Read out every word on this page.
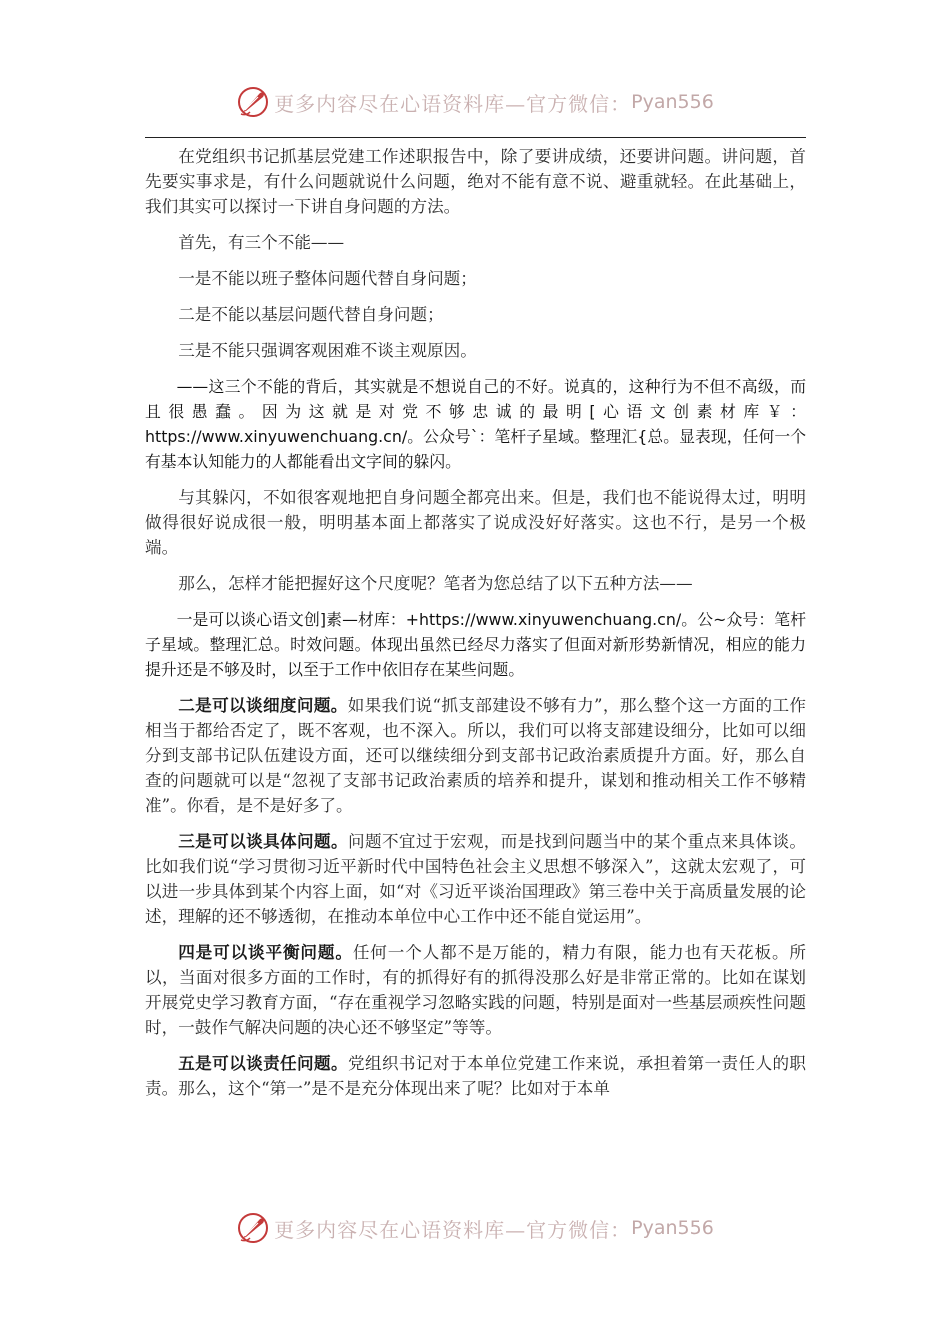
更多内容尽在心语资料库—官方微信： Pyan556

在党组织书记抓基层党建工作述职报告中，除了要讲成绩，还要讲问题。讲问题，首先要实事求是，有什么问题就说什么问题，绝对不能有意不说、避重就轻。在此基础上，我们其实可以探讨一下讲自身问题的方法。

首先，有三个不能——

一是不能以班子整体问题代替自身问题；

二是不能以基层问题代替自身问题；

三是不能只强调客观困难不谈主观原因。

——这三个不能的背后，其实就是不想说自己的不好。说真的，这种行为不但不高级，而且很愚蠢。因为这就是对党不够忠诚的最明[心语文创素材库￥：https://www.xinyuwenchuang.cn/。公众号`：笔杆子星域。整理汇{总。显表现，任何一个有基本认知能力的人都能看出文字间的躲闪。

与其躲闪，不如很客观地把自身问题全都亮出来。但是，我们也不能说得太过，明明做得很好说成很一般，明明基本面上都落实了说成没好好落实。这也不行，是另一个极端。

那么，怎样才能把握好这个尺度呢？笔者为您总结了以下五种方法——

一是可以谈心语文创]素—材库：+https://www.xinyuwenchuang.cn/。公~众号：笔杆子星域。整理汇总。时效问题。体现出虽然已经尽力落实了但面对新形势新情况，相应的能力提升还是不够及时，以至于工作中依旧存在某些问题。

二是可以谈细度问题。如果我们说“抓支部建设不够有力”，那么整个这一方面的工作相当于都给否定了，既不客观，也不深入。所以，我们可以将支部建设细分，比如可以细分到支部书记队伍建设方面，还可以继续细分到支部书记政治素质提升方面。好，那么自查的问题就可以是“忽视了支部书记政治素质的培养和提升，谋划和推动相关工作不够精准”。你看，是不是好多了。

三是可以谈具体问题。问题不宜过于宏观，而是找到问题当中的某个重点来具体谈。比如我们说“学习贯彻习近平新时代中国特色社会主义思想不够深入”，这就太宏观了，可以进一步具体到某个内容上面，如“对《习近平谈治国理政》第三卷中关于高质量发展的论述，理解的还不够透彻，在推动本单位中心工作中还不能自觉运用”。

四是可以谈平衡问题。任何一个人都不是万能的，精力有限，能力也有天花板。所以，当面对很多方面的工作时，有的抓得好有的抓得没那么好是非常正常的。比如在谋划开展党史学习教育方面，“存在重视学习忽略实践的问题，特别是面对一些基层顽疾性问题时，一鼓作气解决问题的决心还不够坚定”等等。

五是可以谈责任问题。党组织书记对于本单位党建工作来说，承担着第一责任人的职责。那么，这个“第一”是不是充分体现出来了呢？比如对于本单

更多内容尽在心语资料库—官方微信： Pyan556
